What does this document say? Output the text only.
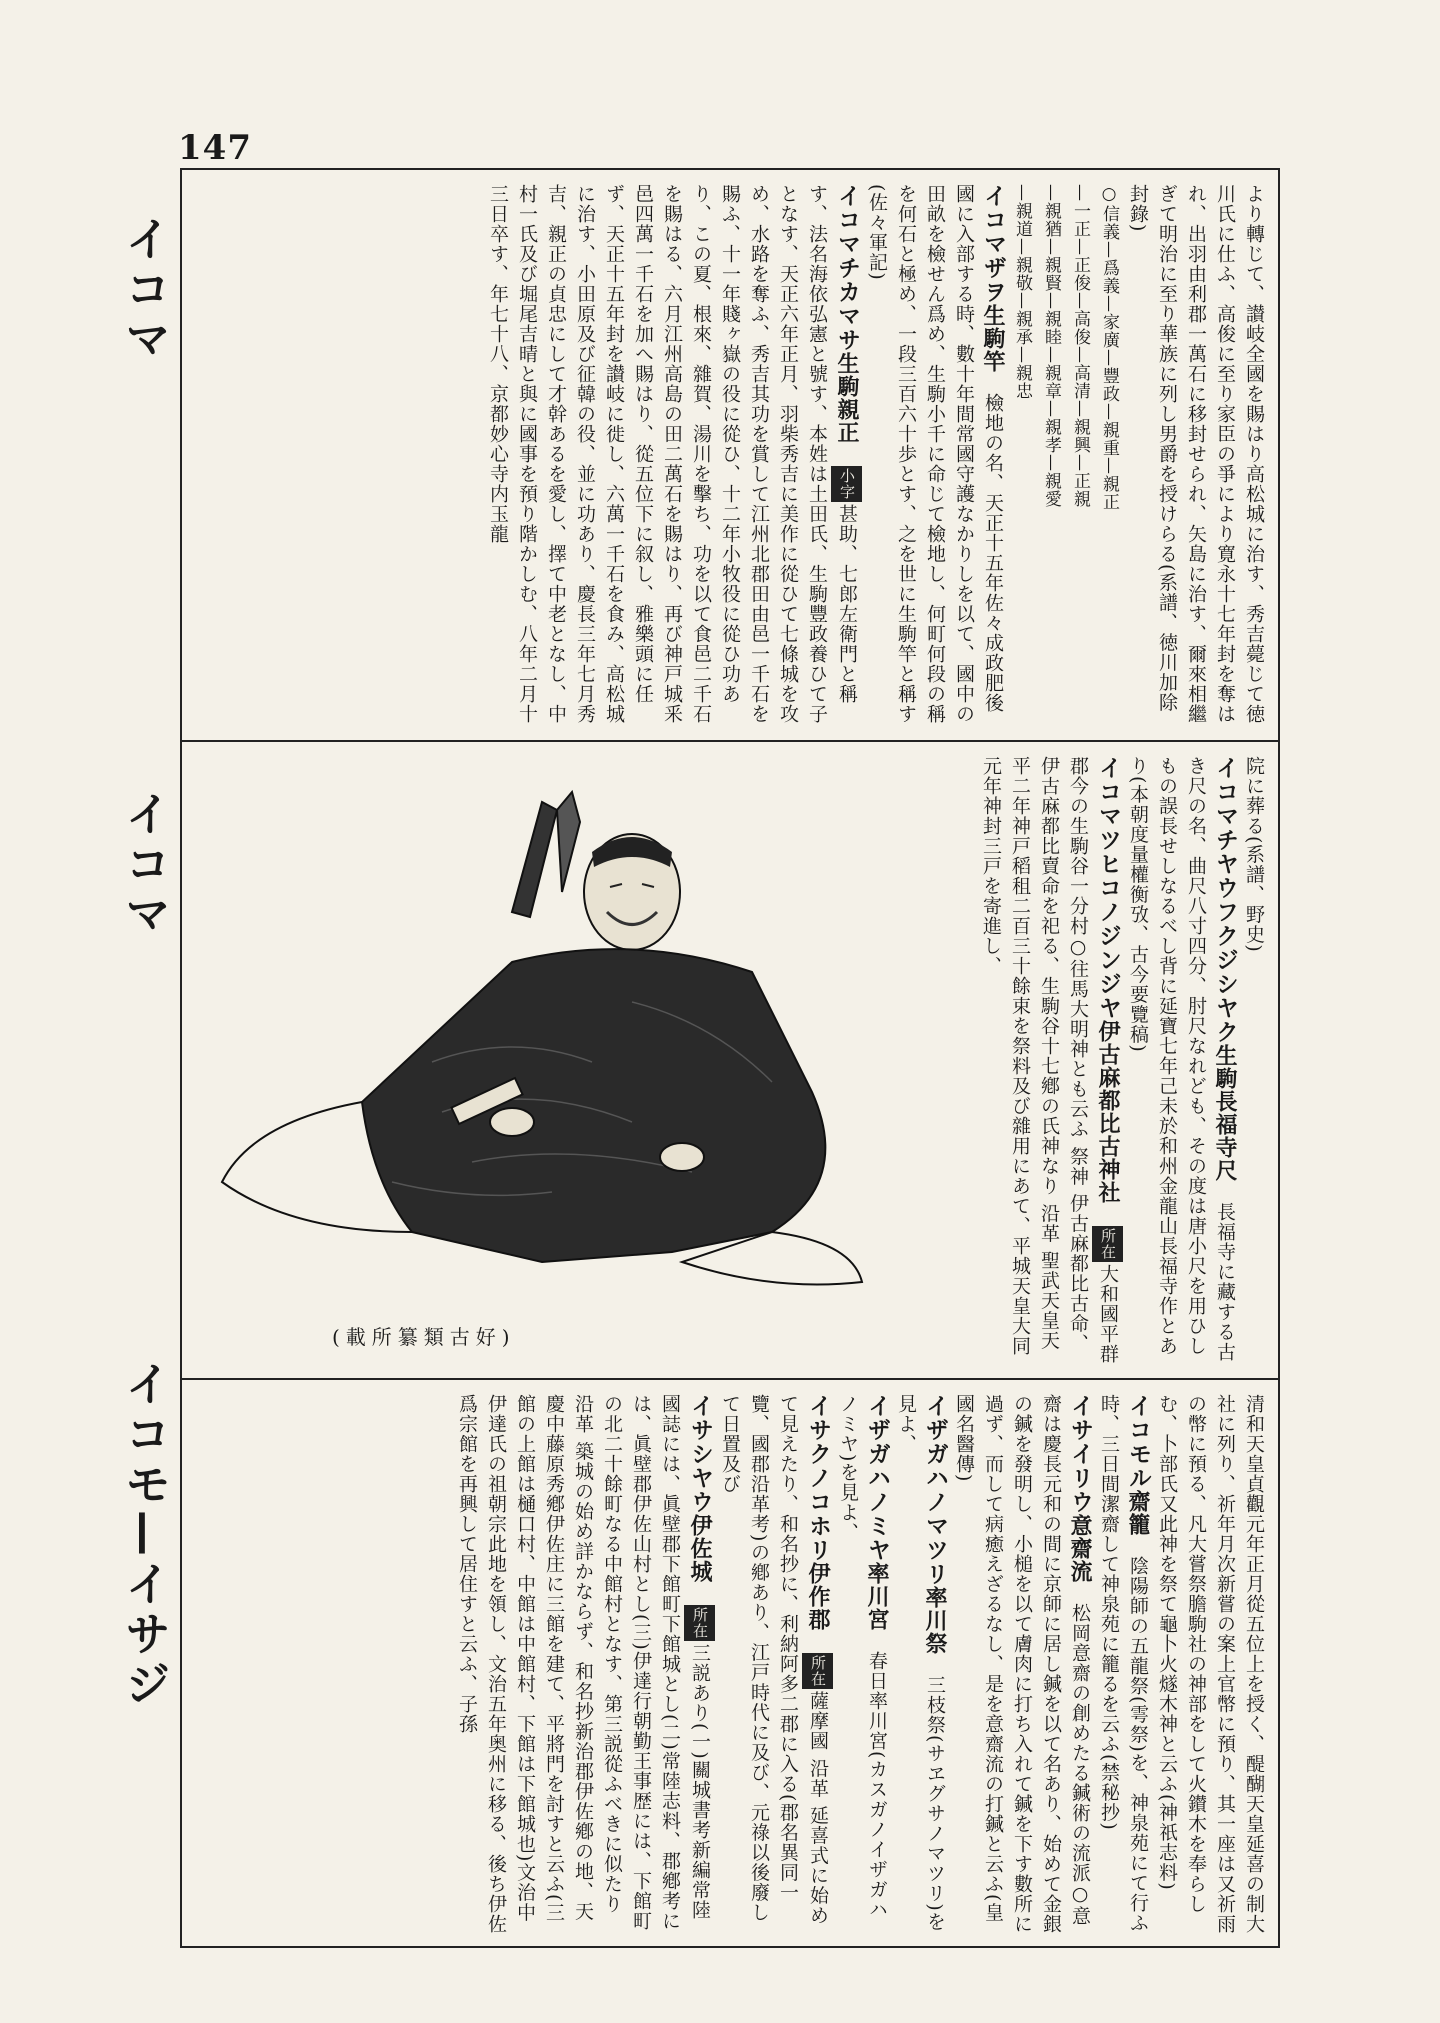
147
イコマ
イコマ
イコモ—イサジ
より轉じて、讃岐全國を賜はり高松城に治す、秀吉薨じて徳川氏に仕ふ、高俊に至り家臣の爭により寛永十七年封を奪はれ、出羽由利郡一萬石に移封せられ、矢島に治す、爾來相繼ぎて明治に至り華族に列し男爵を授けらる(系譜、徳川加除封錄)
○信義—爲義—家廣—豐政—親重—親正
—一正—正俊—高俊—高清—親興—正親
—親猶—親賢—親睦—親章—親孝—親愛
—親道—親敬—親承—親忠
イコマザヲ生駒竿　檢地の名、天正十五年佐々成政肥後國に入部する時、數十年間常國守護なかりしを以て、國中の田畝を檢せん爲め、生駒小千に命じて檢地し、何町何段の稱を何石と極め、一段三百六十歩とす、之を世に生駒竿と稱す(佐々軍記)
イコマチカマサ生駒親正　小字甚助、七郎左衛門と稱す、法名海依弘憲と號す、本姓は土田氏、生駒豐政養ひて子となす、天正六年正月、羽柴秀吉に美作に從ひて七條城を攻め、水路を奪ふ、秀吉其功を賞して江州北郡田由邑一千石を賜ふ、十一年賤ヶ嶽の役に從ひ、十二年小牧役に從ひ功あり、この夏、根來、雜賀、湯川を擊ち、功を以て食邑二千石を賜はる、六月江州高島の田二萬石を賜はり、再び神戸城釆邑四萬一千石を加へ賜はり、從五位下に叙し、雅樂頭に任ず、天正十五年封を讃岐に徙し、六萬一千石を食み、高松城に治す、小田原及び征韓の役、並に功あり、慶長三年七月秀吉、親正の貞忠にして才幹あるを愛し、擇て中老となし、中村一氏及び堀尾吉晴と與に國事を預り階かしむ、八年二月十三日卒す、年七十八、京都妙心寺内玉龍
院に葬る(系譜、野史)
イコマチヤウフクジシヤク生駒長福寺尺　長福寺に藏する古き尺の名、曲尺八寸四分、肘尺なれども、その度は唐小尺を用ひしもの誤長せしなるべし背に延寶七年己未於和州金龍山長福寺作とあり(本朝度量權衡攷、古今要覽稿)
イコマツヒコノジンジヤ伊古麻都比古神社　所在大和國平群郡今の生駒谷一分村○往馬大明神とも云ふ 祭神 伊古麻都比古命、伊古麻都比賣命を祀る、生駒谷十七鄕の氏神なり 沿革 聖武天皇天平二年神戸稻租二百三十餘束を祭料及び雜用にあて、平城天皇大同元年神封三戸を寄進し、
(載所纂類古好)
清和天皇貞觀元年正月從五位上を授く、醍醐天皇延喜の制大社に列り、祈年月次新嘗の案上官幣に預り、其一座は又祈雨の幣に預る、凡大嘗祭膽駒社の神部をして火鑚木を奉らしむ、卜部氏又此神を祭て龜卜火燧木神と云ふ(神祇志料)
イコモル齋籠　陰陽師の五龍祭(雩祭)を、神泉苑にて行ふ時、三日間潔齋して神泉苑に籠るを云ふ(禁秘抄)
イサイリウ意齋流　松岡意齋の創めたる鍼術の流派○意齋は慶長元和の間に京師に居し鍼を以て名あり、始めて金銀の鍼を發明し、小槌を以て膚肉に打ち入れて鍼を下す數所に過ず、而して病癒えざるなし、是を意齋流の打鍼と云ふ(皇國名醫傳)
イザガハノマツリ率川祭　三枝祭(サヱグサノマツリ)を見よ、
イザガハノミヤ率川宮　春日率川宮(カスガノイザガハノミヤ)を見よ、
イサクノコホリ伊作郡　所在薩摩國 沿革 延喜式に始めて見えたり、和名抄に、利納阿多二郡に入る(郡名異同一覽、國郡沿革考)の鄕あり、江戸時代に及び、元祿以後廢して日置及び
イサシヤウ伊佐城　所在三説あり(一)關城書考新編常陸國誌には、眞壁郡下館町下館城とし(二)常陸志料、郡鄕考には、眞壁郡伊佐山村とし(三)伊達行朝勤王事歴には、下館町の北二十餘町なる中館村となす、第三説從ふべきに似たり 沿革 築城の始め詳かならず、和名抄新治郡伊佐鄕の地、天慶中藤原秀鄕伊佐庄に三館を建て、平將門を討すと云ふ(三館の上館は樋口村、中館は中館村、下館は下館城也)文治中伊達氏の祖朝宗此地を領し、文治五年奥州に移る、後ち伊佐爲宗館を再興して居住すと云ふ、子孫
